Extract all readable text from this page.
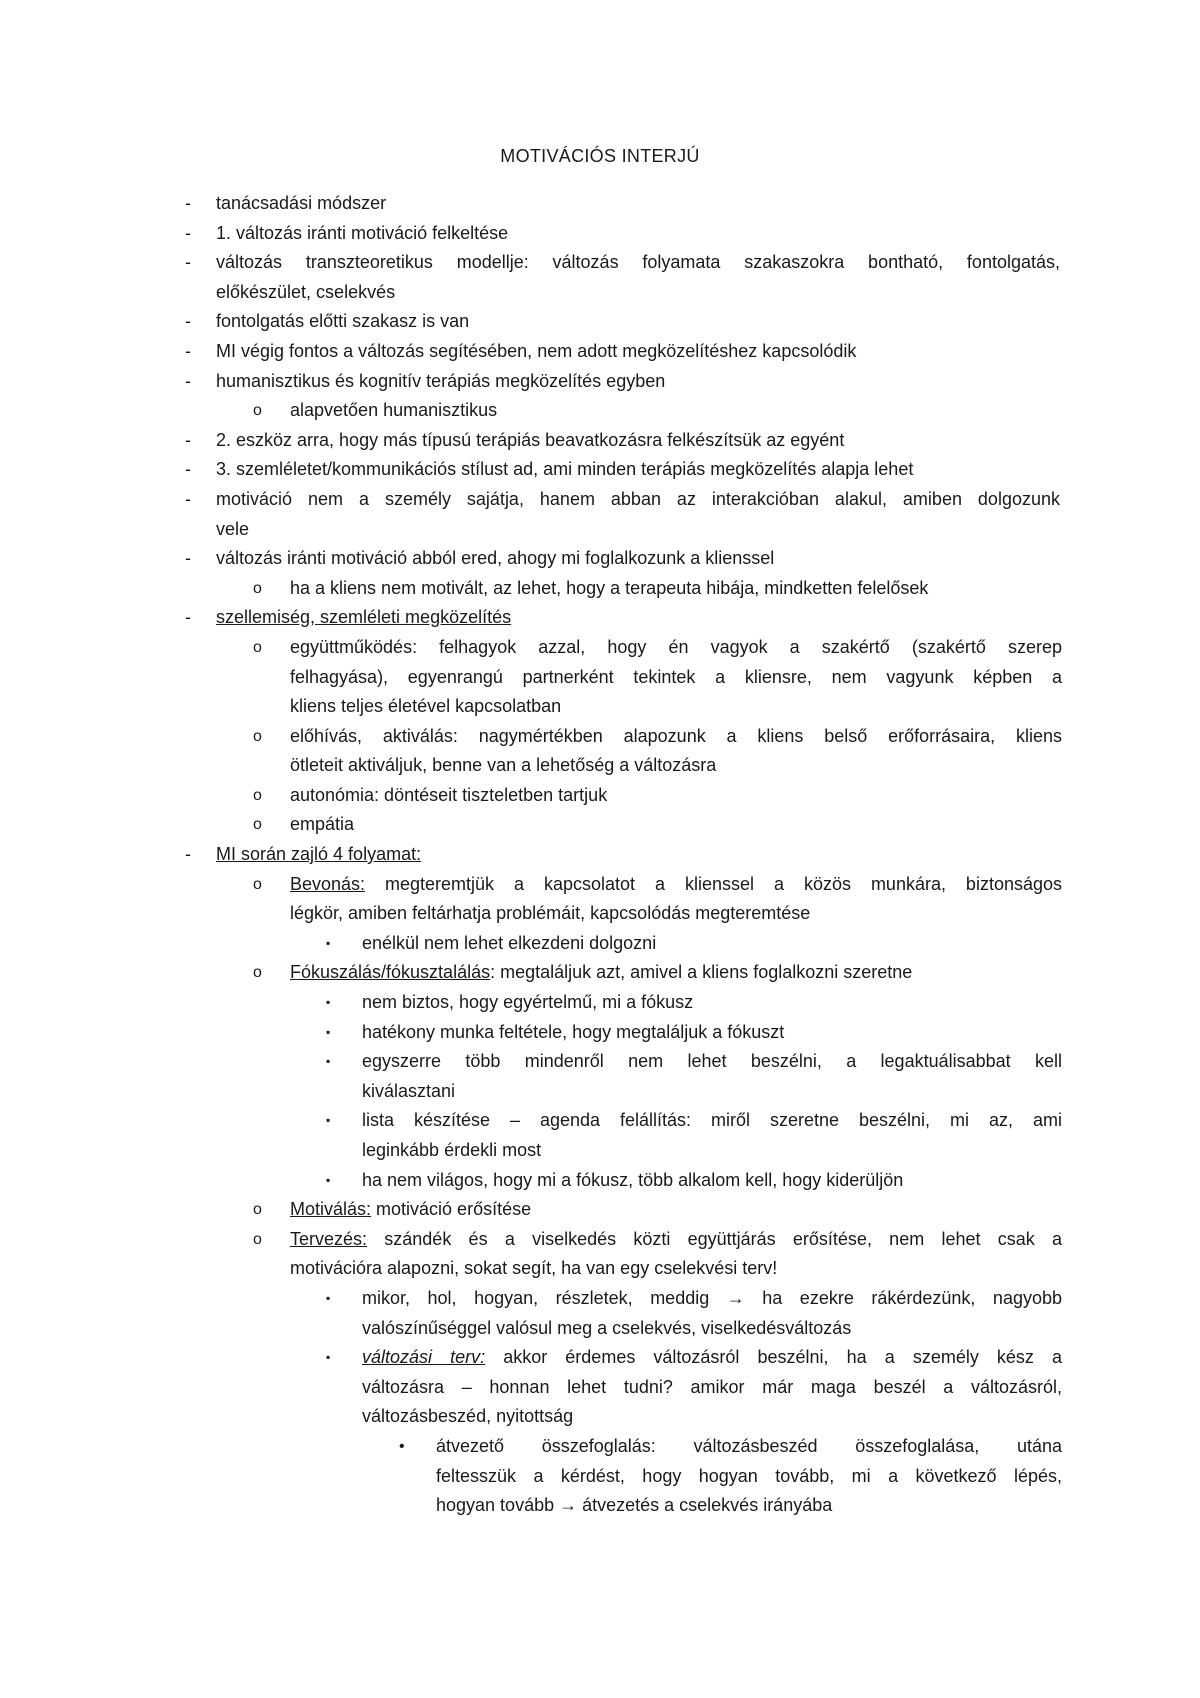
MOTIVÁCIÓS INTERJÚ
- tanácsadási módszer
- 1. változás iránti motiváció felkeltése
- változás transzteoretikus modellje: változás folyamata szakaszokra bontható, fontolgatás,
előkészület, cselekvés
- fontolgatás előtti szakasz is van
- MI végig fontos a változás segítésében, nem adott megközelítéshez kapcsolódik
- humanisztikus és kognitív terápiás megközelítés egyben
o alapvetően humanisztikus
- 2. eszköz arra, hogy más típusú terápiás beavatkozásra felkészítsük az egyént
- 3. szemléletet/kommunikációs stílust ad, ami minden terápiás megközelítés alapja lehet
- motiváció nem a személy sajátja, hanem abban az interakcióban alakul, amiben dolgozunk
vele
- változás iránti motiváció abból ered, ahogy mi foglalkozunk a klienssel
o ha a kliens nem motivált, az lehet, hogy a terapeuta hibája, mindketten felelősek
- szellemiség, szemléleti megközelítés
o együttműködés: felhagyok azzal, hogy én vagyok a szakértő (szakértő szerep
felhagyása), egyenrangú partnerként tekintek a kliensre, nem vagyunk képben a
kliens teljes életével kapcsolatban
o előhívás, aktiválás: nagymértékben alapozunk a kliens belső erőforrásaira, kliens
ötleteit aktiváljuk, benne van a lehetőség a változásra
o autonómia: döntéseit tiszteletben tartjuk
o empátia
- MI során zajló 4 folyamat:
o Bevonás: megteremtjük a kapcsolatot a klienssel a közös munkára, biztonságos
légkör, amiben feltárhatja problémáit, kapcsolódás megteremtése
▪ enélkül nem lehet elkezdeni dolgozni
o Fókuszálás/fókusztalálás: megtaláljuk azt, amivel a kliens foglalkozni szeretne
▪ nem biztos, hogy egyértelmű, mi a fókusz
▪ hatékony munka feltétele, hogy megtaláljuk a fókuszt
▪ egyszerre több mindenről nem lehet beszélni, a legaktuálisabbat kell
kiválasztani
▪ lista készítése – agenda felállítás: miről szeretne beszélni, mi az, ami
leginkább érdekli most
▪ ha nem világos, hogy mi a fókusz, több alkalom kell, hogy kiderüljön
o Motiválás: motiváció erősítése
o Tervezés: szándék és a viselkedés közti együttjárás erősítése, nem lehet csak a
motivációra alapozni, sokat segít, ha van egy cselekvési terv!
▪ mikor, hol, hogyan, részletek, meddig → ha ezekre rákérdezünk, nagyobb
valószínűséggel valósul meg a cselekvés, viselkedésváltozás
▪ változási terv: akkor érdemes változásról beszélni, ha a személy kész a
változásra – honnan lehet tudni? amikor már maga beszél a változásról,
változásbeszéd, nyitottság
• átvezető összefoglalás: változásbeszéd összefoglalása, utána
feltesszük a kérdést, hogy hogyan tovább, mi a következő lépés,
hogyan tovább → átvezetés a cselekvés irányába
